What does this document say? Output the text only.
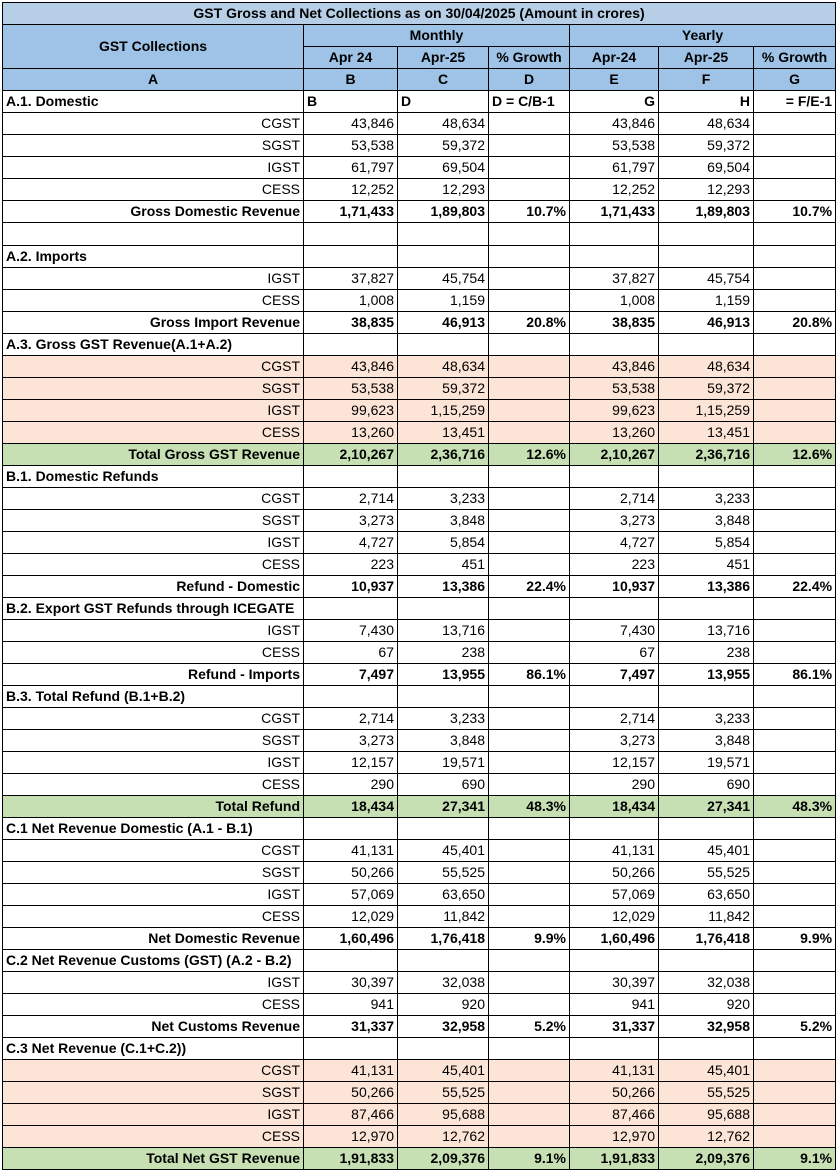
GST Gross and Net Collections as on 30/04/2025 (Amount in crores)						
GST Collections	Monthly			Yearly		
	Apr 24	Apr-25	% Growth	Apr-24	Apr-25	% Growth
A	B	C	D	E	F	G
A.1. Domestic	B	D	D = C/B-1	G	H	= F/E-1
CGST	43,846	48,634		43,846	48,634	
SGST	53,538	59,372		53,538	59,372	
IGST	61,797	69,504		61,797	69,504	
CESS	12,252	12,293		12,252	12,293	
Gross Domestic Revenue	1,71,433	1,89,803	10.7%	1,71,433	1,89,803	10.7%

A.2. Imports						
IGST	37,827	45,754		37,827	45,754	
CESS	1,008	1,159		1,008	1,159	
Gross Import Revenue	38,835	46,913	20.8%	38,835	46,913	20.8%
A.3. Gross GST Revenue(A.1+A.2)						
CGST	43,846	48,634		43,846	48,634	
SGST	53,538	59,372		53,538	59,372	
IGST	99,623	1,15,259		99,623	1,15,259	
CESS	13,260	13,451		13,260	13,451	
Total Gross GST Revenue	2,10,267	2,36,716	12.6%	2,10,267	2,36,716	12.6%
B.1. Domestic Refunds						
CGST	2,714	3,233		2,714	3,233	
SGST	3,273	3,848		3,273	3,848	
IGST	4,727	5,854		4,727	5,854	
CESS	223	451		223	451	
Refund - Domestic	10,937	13,386	22.4%	10,937	13,386	22.4%
B.2. Export GST Refunds through ICEGATE						
IGST	7,430	13,716		7,430	13,716	
CESS	67	238		67	238	
Refund - Imports	7,497	13,955	86.1%	7,497	13,955	86.1%
B.3. Total Refund (B.1+B.2)						
CGST	2,714	3,233		2,714	3,233	
SGST	3,273	3,848		3,273	3,848	
IGST	12,157	19,571		12,157	19,571	
CESS	290	690		290	690	
Total Refund	18,434	27,341	48.3%	18,434	27,341	48.3%
C.1 Net Revenue Domestic (A.1 - B.1)						
CGST	41,131	45,401		41,131	45,401	
SGST	50,266	55,525		50,266	55,525	
IGST	57,069	63,650		57,069	63,650	
CESS	12,029	11,842		12,029	11,842	
Net Domestic Revenue	1,60,496	1,76,418	9.9%	1,60,496	1,76,418	9.9%
C.2 Net Revenue Customs (GST) (A.2 - B.2)						
IGST	30,397	32,038		30,397	32,038	
CESS	941	920		941	920	
Net Customs Revenue	31,337	32,958	5.2%	31,337	32,958	5.2%
C.3 Net Revenue (C.1+C.2))						
CGST	41,131	45,401		41,131	45,401	
SGST	50,266	55,525		50,266	55,525	
IGST	87,466	95,688		87,466	95,688	
CESS	12,970	12,762		12,970	12,762	
Total Net GST Revenue	1,91,833	2,09,376	9.1%	1,91,833	2,09,376	9.1%
